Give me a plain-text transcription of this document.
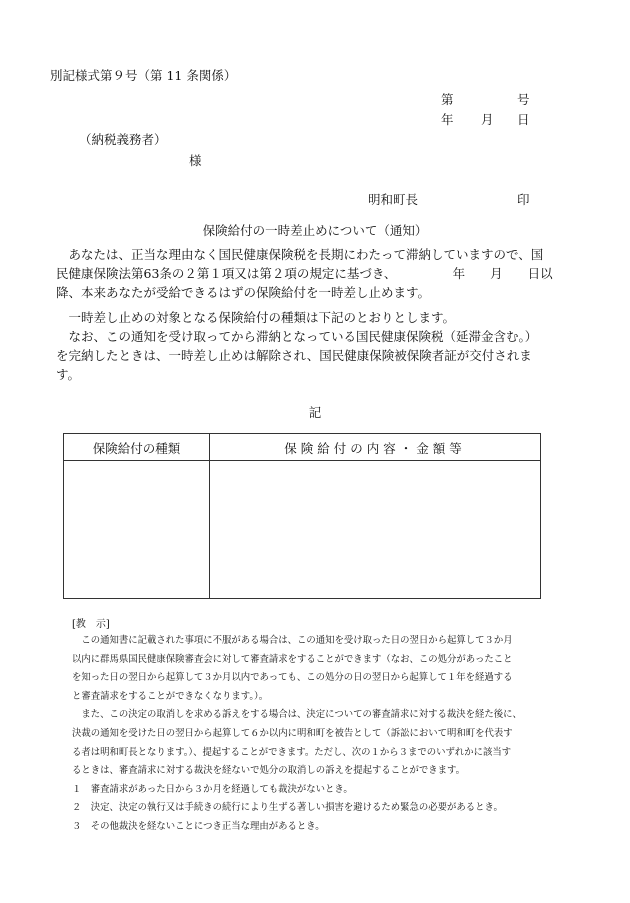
別記様式第９号（第 11 条関係）
第	号
年 月 日
（納税義務者）
様
明和町長	印
保険給付の一時差止めについて（通知）
　あなたは、正当な理由なく国民健康保険税を長期にわたって滞納していますので、国
民健康保険法第63条の２第１項又は第２項の規定に基づき、　　　　　年　　月　　日以
降、本来あなたが受給できるはずの保険給付を一時差し止めます。
　一時差し止めの対象となる保険給付の種類は下記のとおりとします。
　なお、この通知を受け取ってから滞納となっている国民健康保険税（延滞金含む。）
を完納したときは、一時差し止めは解除され、国民健康保険被保険者証が交付されま
す。
記
保険給付の種類	保険給付の内容・金額等
[教　示]
　この通知書に記載された事項に不服がある場合は、この通知を受け取った日の翌日から起算して３か月
以内に群馬県国民健康保険審査会に対して審査請求をすることができます（なお、この処分があったこと
を知った日の翌日から起算して３か月以内であっても、この処分の日の翌日から起算して１年を経過する
と審査請求をすることができなくなります。）。
　また、この決定の取消しを求める訴えをする場合は、決定についての審査請求に対する裁決を経た後に、
決裁の通知を受けた日の翌日から起算して６か以内に明和町を被告として（訴訟において明和町を代表す
る者は明和町長となります。）、提起することができます。ただし、次の１から３までのいずれかに該当す
るときは、審査請求に対する裁決を経ないで処分の取消しの訴えを提起することができます。
１　審査請求があった日から３か月を経過しても裁決がないとき。
２　決定、決定の執行又は手続きの続行により生ずる著しい損害を避けるため緊急の必要があるとき。
３　その他裁決を経ないことにつき正当な理由があるとき。
